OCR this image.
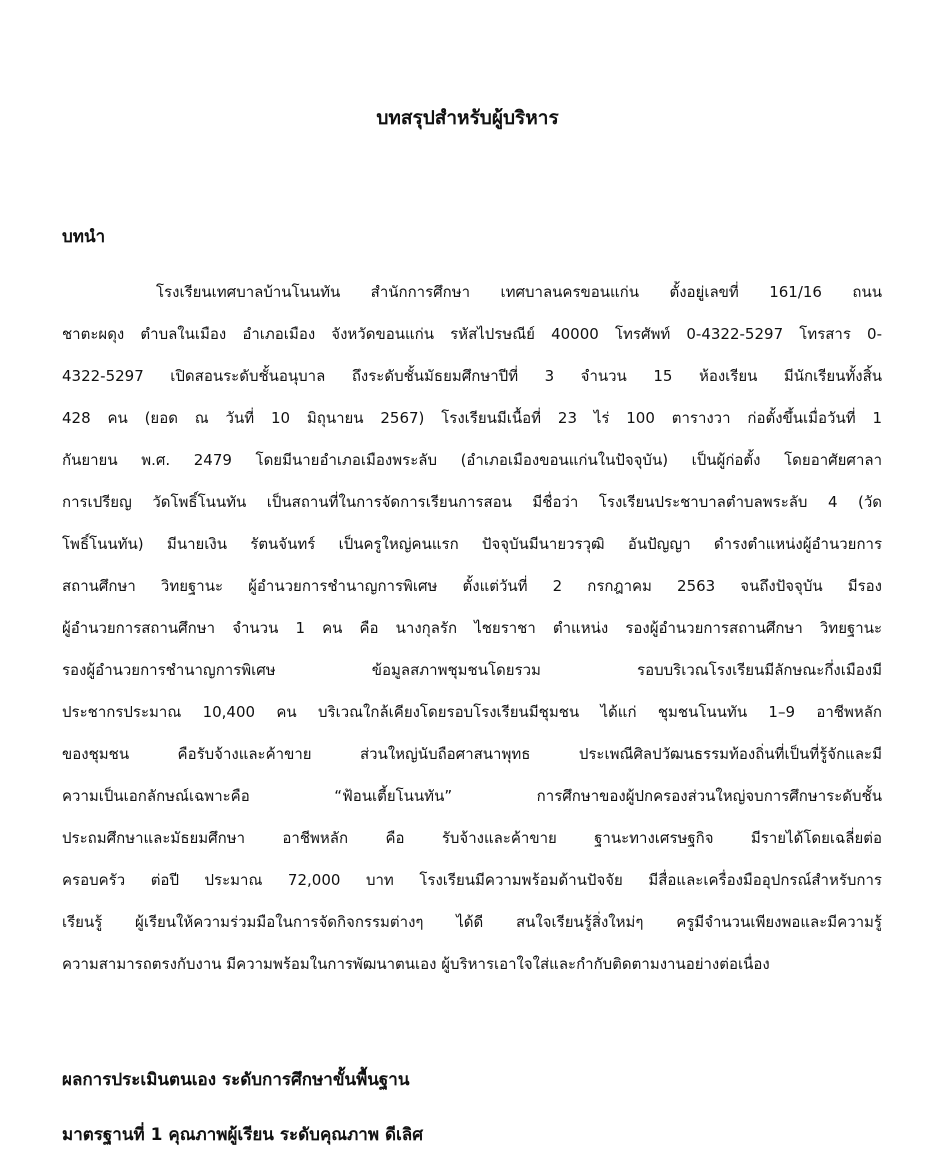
บทสรุปสำหรับผู้บริหาร
บทนำ
โรงเรียนเทศบาลบ้านโนนทัน สำนักการศึกษา เทศบาลนครขอนแก่น ตั้งอยู่เลขที่ 161/16 ถนน
ชาตะผดุง ตำบลในเมือง อำเภอเมือง จังหวัดขอนแก่น รหัสไปรษณีย์ 40000 โทรศัพท์ 0-4322-5297 โทรสาร 0-
4322-5297 เปิดสอนระดับชั้นอนุบาล ถึงระดับชั้นมัธยมศึกษาปีที่ 3 จำนวน 15 ห้องเรียน มีนักเรียนทั้งสิ้น
428 คน (ยอด ณ วันที่ 10 มิถุนายน 2567) โรงเรียนมีเนื้อที่ 23 ไร่ 100 ตารางวา ก่อตั้งขึ้นเมื่อวันที่ 1
กันยายน พ.ศ. 2479 โดยมีนายอำเภอเมืองพระลับ (อำเภอเมืองขอนแก่นในปัจจุบัน) เป็นผู้ก่อตั้ง โดยอาศัยศาลา
การเปรียญ วัดโพธิ์โนนทัน เป็นสถานที่ในการจัดการเรียนการสอน มีชื่อว่า โรงเรียนประชาบาลตำบลพระลับ 4 (วัด
โพธิ์โนนทัน) มีนายเงิน รัตนจันทร์ เป็นครูใหญ่คนแรก ปัจจุบันมีนายวรวุฒิ อันปัญญา ดำรงตำแหน่งผู้อำนวยการ
สถานศึกษา วิทยฐานะ ผู้อำนวยการชำนาญการพิเศษ ตั้งแต่วันที่ 2 กรกฎาคม 2563 จนถึงปัจจุบัน มีรอง
ผู้อำนวยการสถานศึกษา จำนวน 1 คน คือ นางกุลรัก ไชยราชา ตำแหน่ง รองผู้อำนวยการสถานศึกษา วิทยฐานะ
รองผู้อำนวยการชำนาญการพิเศษ ข้อมูลสภาพชุมชนโดยรวม รอบบริเวณโรงเรียนมีลักษณะกึ่งเมืองมี
ประชากรประมาณ 10,400 คน บริเวณใกล้เคียงโดยรอบโรงเรียนมีชุมชน ได้แก่ ชุมชนโนนทัน 1–9 อาชีพหลัก
ของชุมชน คือรับจ้างและค้าขาย ส่วนใหญ่นับถือศาสนาพุทธ ประเพณีศิลปวัฒนธรรมท้องถิ่นที่เป็นที่รู้จักและมี
ความเป็นเอกลักษณ์เฉพาะคือ “ฟ้อนเตี้ยโนนทัน” การศึกษาของผู้ปกครองส่วนใหญ่จบการศึกษาระดับชั้น
ประถมศึกษาและมัธยมศึกษา อาชีพหลัก คือ รับจ้างและค้าขาย ฐานะทางเศรษฐกิจ มีรายได้โดยเฉลี่ยต่อ
ครอบครัว ต่อปี ประมาณ 72,000 บาท โรงเรียนมีความพร้อมด้านปัจจัย มีสื่อและเครื่องมืออุปกรณ์สำหรับการ
เรียนรู้ ผู้เรียนให้ความร่วมมือในการจัดกิจกรรมต่างๆ ได้ดี สนใจเรียนรู้สิ่งใหม่ๆ ครูมีจำนวนเพียงพอและมีความรู้
ความสามารถตรงกับงาน มีความพร้อมในการพัฒนาตนเอง ผู้บริหารเอาใจใส่และกำกับติดตามงานอย่างต่อเนื่อง
ผลการประเมินตนเอง ระดับการศึกษาขั้นพื้นฐาน
มาตรฐานที่ 1 คุณภาพผู้เรียน ระดับคุณภาพ ดีเลิศ
